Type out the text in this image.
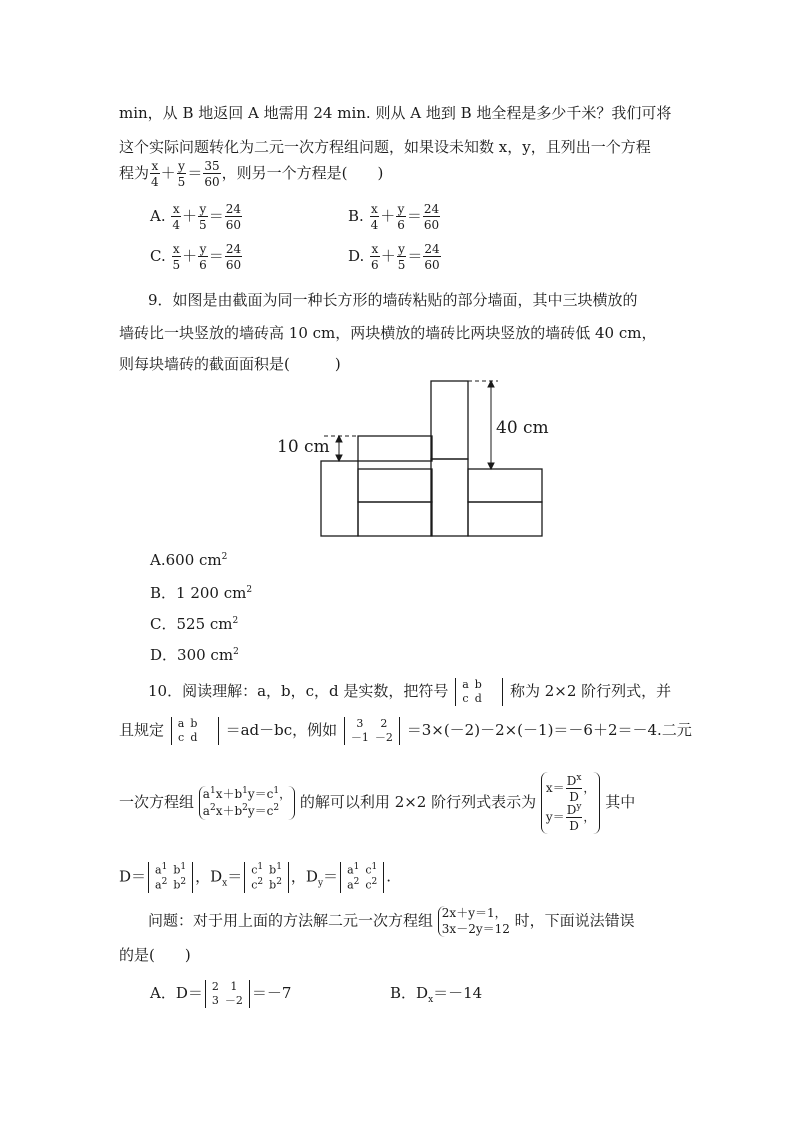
min，从 B 地返回 A 地需用 24 min. 则从 A 地到 B 地全程是多少千米？我们可将
这个实际问题转化为二元一次方程组问题，如果设未知数 x，y，且列出一个方程
程为 $\frac{x}{4} + \frac{y}{5} = \frac{35}{60}$ ，则另一个方程是(　　)
A. $\frac{x}{4} + \frac{y}{5} = \frac{24}{60}$	B. $\frac{x}{4} + \frac{y}{6} = \frac{24}{60}$
C. $\frac{x}{5} + \frac{y}{6} = \frac{24}{60}$	D. $\frac{x}{6} + \frac{y}{5} = \frac{24}{60}$
9．如图是由截面为同一种长方形的墙砖粘贴的部分墙面，其中三块横放的
墙砖比一块竖放的墙砖高 10 cm，两块横放的墙砖比两块竖放的墙砖低 40 cm，
则每块墙砖的截面面积是(　　　)
10 cm
40 cm
A.600 $cm^2$
B．1 200 $cm^2$
C．525 $cm^2$
D．300 $cm^2$
10．阅读理解：a，b，c，d 是实数，把符号 a	b
c	d 称为 2×2 阶行列式，并
且规定 a	b
c	d ＝ad－bc，例如 3	2
－1	－2 ＝3×(－2)－2×(－1)＝－6＋2＝－4.二元
一次方程组 $a^1x+b^1y=c^1$，
$a^2x+b^2y=c^2$ 的解可以利用 2×2 阶行列式表示为 $x= \frac{D^x}{D}$ ，
$y= \frac{D^y}{D}$ ， 其中
$D= a^1$	$b^1$
$a^2$	$b^2$ ，$D_x= c^1$	$b^1$
$c^2$	$b^2$ ，$D_y= a^1$	$c^1$
$a^2$	$c^2$ .
问题：对于用上面的方法解二元一次方程组 2x＋y＝1，
3x－2y＝12 时，下面说法错误
的是(　　)
A．D＝ 2	1
3	－2 ＝－7	B．$D_x=-14$
